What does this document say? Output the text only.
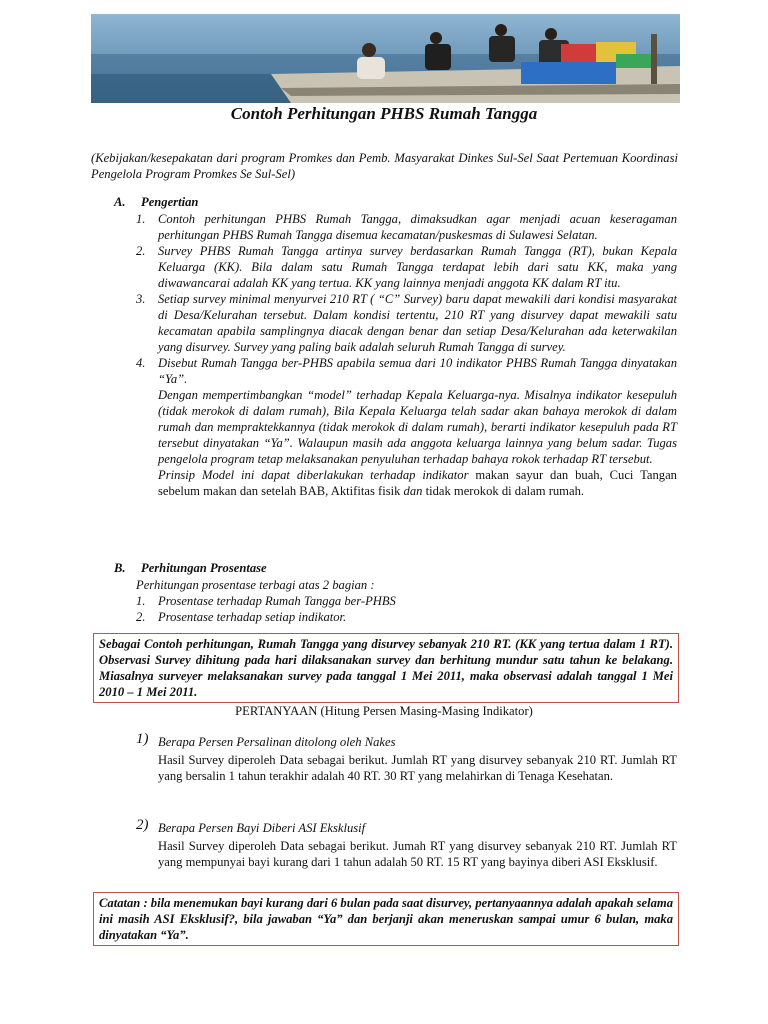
Contoh Perhitungan PHBS Rumah Tangga
(Kebijakan/kesepakatan dari program Promkes dan Pemb. Masyarakat Dinkes Sul-Sel Saat Pertemuan Koordinasi Pengelola Program Promkes Se Sul-Sel)
A. Pengertian
1. Contoh perhitungan PHBS Rumah Tangga, dimaksudkan agar menjadi acuan keseragaman perhitungan PHBS Rumah Tangga disemua kecamatan/puskesmas di Sulawesi Selatan.
2. Survey PHBS Rumah Tangga artinya survey berdasarkan Rumah Tangga (RT), bukan Kepala Keluarga (KK). Bila dalam satu Rumah Tangga terdapat lebih dari satu KK, maka yang diwawancarai adalah KK yang tertua. KK yang lainnya menjadi anggota KK dalam RT itu.
3. Setiap survey minimal menyurvei 210 RT ( “C” Survey) baru dapat mewakili dari kondisi masyarakat di Desa/Kelurahan tersebut. Dalam kondisi tertentu, 210 RT yang disurvey dapat mewakili satu kecamatan apabila samplingnya diacak dengan benar dan setiap Desa/Kelurahan ada keterwakilan yang disurvey. Survey yang paling baik adalah seluruh Rumah Tangga di survey.
4. Disebut Rumah Tangga ber-PHBS apabila semua dari 10 indikator PHBS Rumah Tangga dinyatakan “Ya”.
Dengan mempertimbangkan “model” terhadap Kepala Keluarga-nya. Misalnya indikator kesepuluh (tidak merokok di dalam rumah), Bila Kepala Keluarga telah sadar akan bahaya merokok di dalam rumah dan mempraktekkannya (tidak merokok di dalam rumah), berarti indikator kesepuluh pada RT tersebut dinyatakan “Ya”. Walaupun masih ada anggota keluarga lainnya yang belum sadar. Tugas pengelola program tetap melaksanakan penyuluhan terhadap bahaya rokok terhadap RT tersebut.
Prinsip Model ini dapat diberlakukan terhadap indikator makan sayur dan buah, Cuci Tangan sebelum makan dan setelah BAB, Aktifitas fisik dan tidak merokok di dalam rumah.
B. Perhitungan Prosentase
Perhitungan prosentase terbagi atas 2 bagian :
1. Prosentase terhadap Rumah Tangga ber-PHBS
2. Prosentase terhadap setiap indikator.
Sebagai Contoh perhitungan, Rumah Tangga yang disurvey sebanyak 210 RT. (KK yang tertua dalam 1 RT). Observasi Survey dihitung pada hari dilaksanakan survey dan berhitung mundur satu tahun ke belakang. Miasalnya surveyer melaksanakan survey pada tanggal 1 Mei 2011, maka observasi adalah tanggal 1 Mei 2010 – 1 Mei 2011.
PERTANYAAN (Hitung Persen Masing-Masing Indikator)
1) Berapa Persen Persalinan ditolong oleh Nakes
Hasil Survey diperoleh Data sebagai berikut. Jumlah RT yang disurvey sebanyak 210 RT. Jumlah RT yang bersalin 1 tahun terakhir adalah 40 RT. 30 RT yang melahirkan di Tenaga Kesehatan.
2) Berapa Persen Bayi Diberi ASI Eksklusif
Hasil Survey diperoleh Data sebagai berikut. Jumah RT yang disurvey sebanyak 210 RT. Jumlah RT yang mempunyai bayi kurang dari 1 tahun adalah 50 RT. 15 RT yang bayinya diberi ASI Eksklusif.
Catatan : bila menemukan bayi kurang dari 6 bulan pada saat disurvey, pertanyaannya adalah apakah selama ini masih ASI Eksklusif?, bila jawaban “Ya” dan berjanji akan meneruskan sampai umur 6 bulan, maka dinyatakan “Ya”.
